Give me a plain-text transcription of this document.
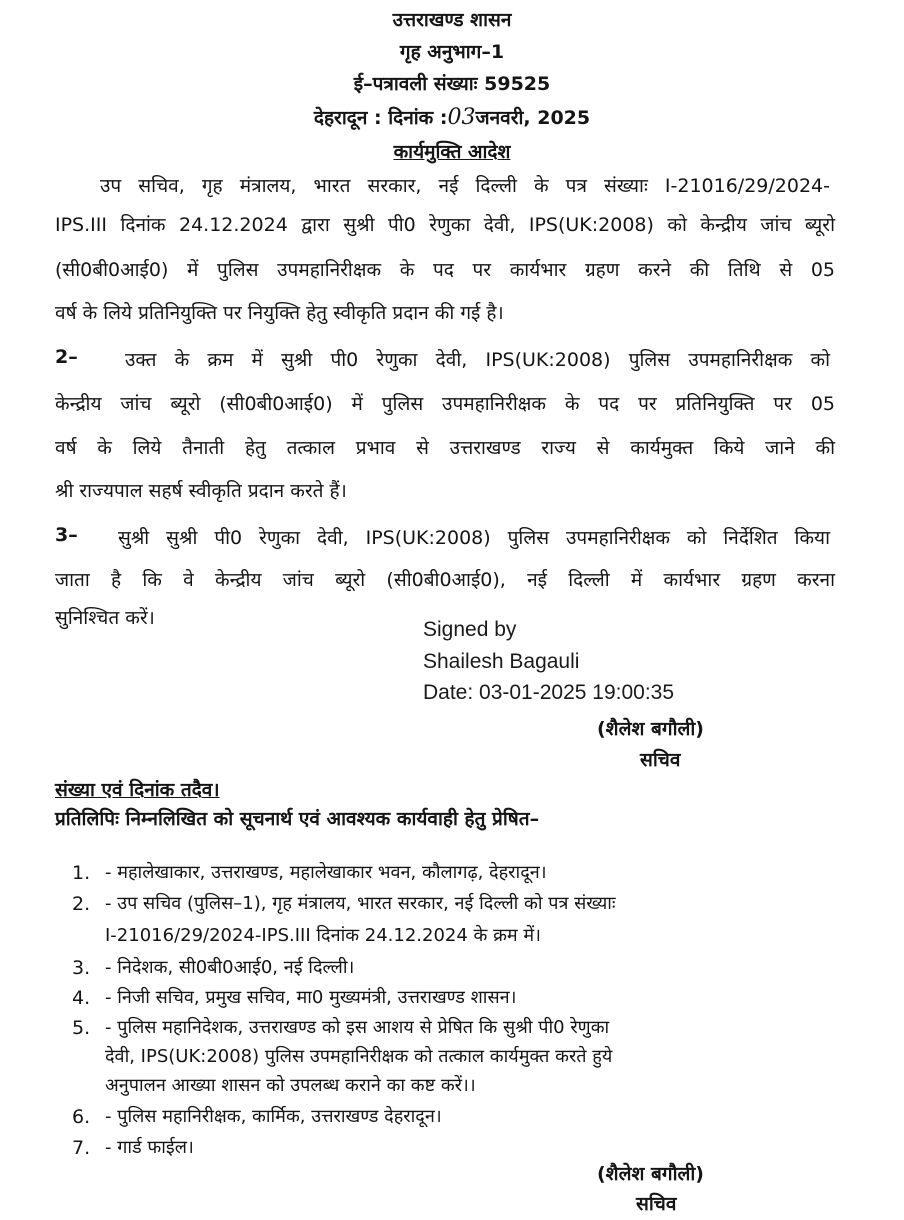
उत्तराखण्ड शासन
गृह अनुभाग–1
ई–पत्रावली संख्याः 59525
देहरादून : दिनांक :03जनवरी, 2025
कार्यमुक्ति आदेश
उप सचिव, गृह मंत्रालय, भारत सरकार, नई दिल्ली के पत्र संख्याः I-21016/29/2024-
IPS.III दिनांक 24.12.2024 द्वारा सुश्री पी0 रेणुका देवी, IPS(UK:2008) को केन्द्रीय जांच ब्यूरो
(सी0बी0आई0) में पुलिस उपमहानिरीक्षक के पद पर कार्यभार ग्रहण करने की तिथि से 05
वर्ष के लिये प्रतिनियुक्ति पर नियुक्ति हेतु स्वीकृति प्रदान की गई है।
2– उक्त के क्रम में सुश्री पी0 रेणुका देवी, IPS(UK:2008) पुलिस उपमहानिरीक्षक को
केन्द्रीय जांच ब्यूरो (सी0बी0आई0) में पुलिस उपमहानिरीक्षक के पद पर प्रतिनियुक्ति पर 05
वर्ष के लिये तैनाती हेतु तत्काल प्रभाव से उत्तराखण्ड राज्य से कार्यमुक्त किये जाने की
श्री राज्यपाल सहर्ष स्वीकृति प्रदान करते हैं।
3– सुश्री सुश्री पी0 रेणुका देवी, IPS(UK:2008) पुलिस उपमहानिरीक्षक को निर्देशित किया
जाता है कि वे केन्द्रीय जांच ब्यूरो (सी0बी0आई0), नई दिल्ली में कार्यभार ग्रहण करना
सुनिश्चित करें।	Signed by
Shailesh Bagauli
Date: 03-01-2025 19:00:35
(शैलेश बगौली)
सचिव
संख्या एवं दिनांक तदैव।
प्रतिलिपिः निम्नलिखित को सूचनार्थ एवं आवश्यक कार्यवाही हेतु प्रेषित–
1. - महालेखाकार, उत्तराखण्ड, महालेखाकार भवन, कौलागढ़, देहरादून।
2. - उप सचिव (पुलिस–1), गृह मंत्रालय, भारत सरकार, नई दिल्ली को पत्र संख्याः
I-21016/29/2024-IPS.III दिनांक 24.12.2024 के क्रम में।
3. - निदेशक, सी0बी0आई0, नई दिल्ली।
4. - निजी सचिव, प्रमुख सचिव, मा0 मुख्यमंत्री, उत्तराखण्ड शासन।
5. - पुलिस महानिदेशक, उत्तराखण्ड को इस आशय से प्रेषित कि सुश्री पी0 रेणुका
देवी, IPS(UK:2008) पुलिस उपमहानिरीक्षक को तत्काल कार्यमुक्त करते हुये
अनुपालन आख्या शासन को उपलब्ध कराने का कष्ट करें।।
6. - पुलिस महानिरीक्षक, कार्मिक, उत्तराखण्ड देहरादून।
7. - गार्ड फाईल।
(शैलेश बगौली)
सचिव
